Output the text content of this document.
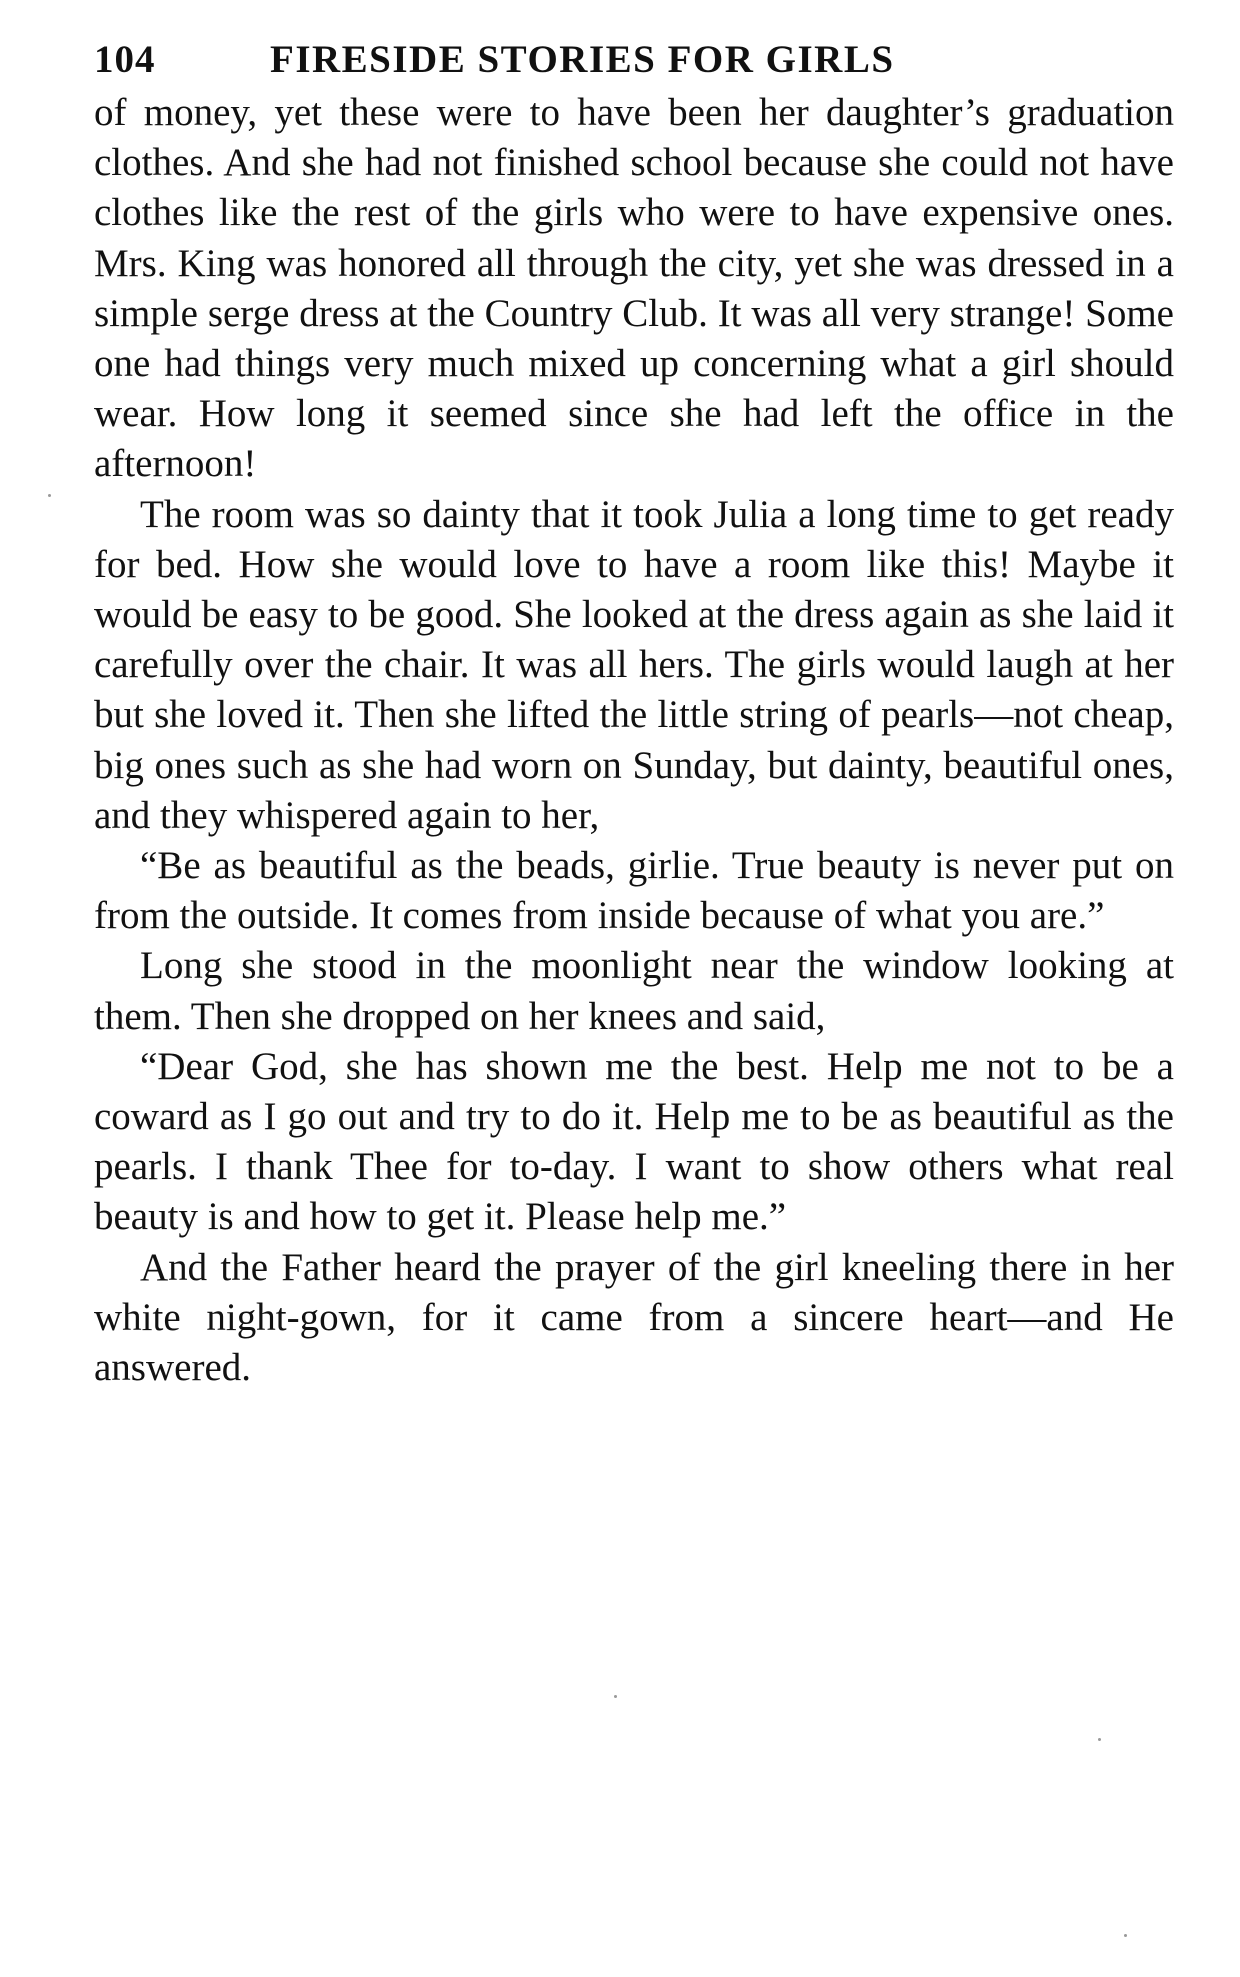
104	FIRESIDE STORIES FOR GIRLS

of money, yet these were to have been her daughter’s graduation clothes. And she had not finished school because she could not have clothes like the rest of the girls who were to have expensive ones. Mrs. King was honored all through the city, yet she was dressed in a simple serge dress at the Country Club. It was all very strange! Some one had things very much mixed up concerning what a girl should wear. How long it seemed since she had left the office in the afternoon!

The room was so dainty that it took Julia a long time to get ready for bed. How she would love to have a room like this! Maybe it would be easy to be good. She looked at the dress again as she laid it carefully over the chair. It was all hers. The girls would laugh at her but she loved it. Then she lifted the little string of pearls—not cheap, big ones such as she had worn on Sunday, but dainty, beautiful ones, and they whispered again to her,

“Be as beautiful as the beads, girlie. True beauty is never put on from the outside. It comes from inside because of what you are.”

Long she stood in the moonlight near the window looking at them. Then she dropped on her knees and said,

“Dear God, she has shown me the best. Help me not to be a coward as I go out and try to do it. Help me to be as beautiful as the pearls. I thank Thee for to-day. I want to show others what real beauty is and how to get it. Please help me.”

And the Father heard the prayer of the girl kneeling there in her white night-gown, for it came from a sincere heart—and He answered.
